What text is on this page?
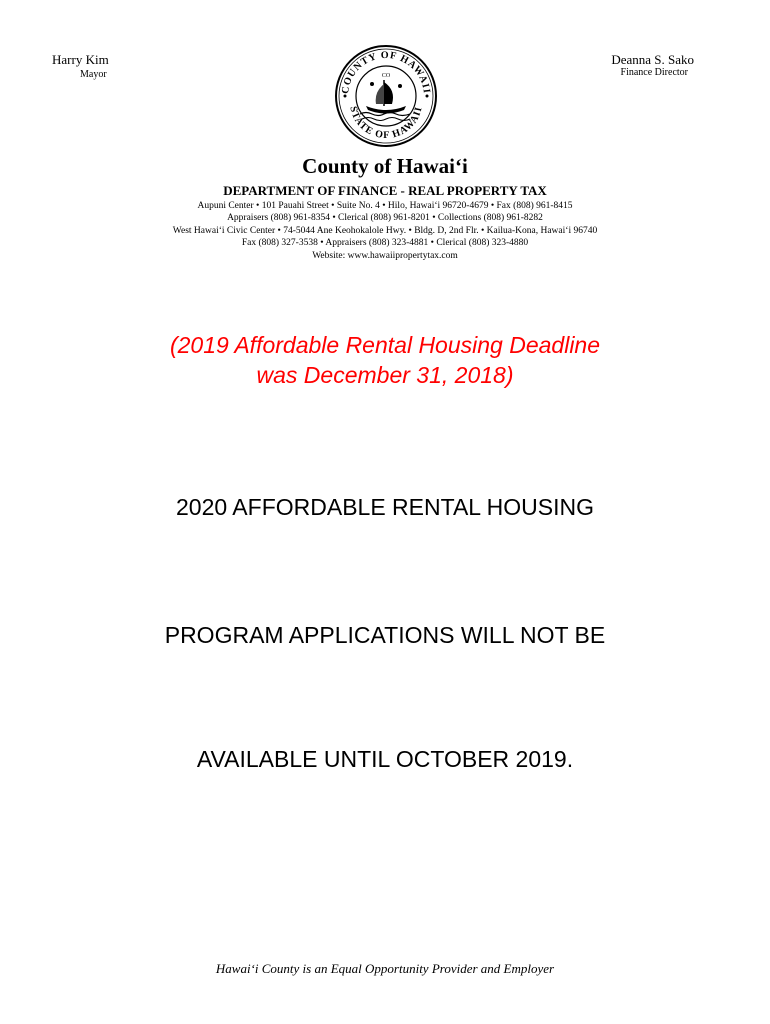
Harry Kim
Mayor
Deanna S. Sako
Finance Director
COUNTY OF HAWAII
STATE OF HAWAII
CO
County of Hawai‘i
DEPARTMENT OF FINANCE - REAL PROPERTY TAX
Aupuni Center • 101 Pauahi Street • Suite No. 4 • Hilo, Hawai‘i 96720-4679 • Fax (808) 961-8415
Appraisers (808) 961-8354 • Clerical (808) 961-8201 • Collections (808) 961-8282
West Hawai‘i Civic Center • 74-5044 Ane Keohokalole Hwy. • Bldg. D, 2nd Flr. • Kailua-Kona, Hawai‘i 96740
Fax (808) 327-3538 • Appraisers (808) 323-4881 • Clerical (808) 323-4880
Website: www.hawaiipropertytax.com
(2019 Affordable Rental Housing Deadline
was December 31, 2018)
2020 AFFORDABLE RENTAL HOUSING
PROGRAM APPLICATIONS WILL NOT BE
AVAILABLE UNTIL OCTOBER 2019.
Hawai‘i County is an Equal Opportunity Provider and Employer
